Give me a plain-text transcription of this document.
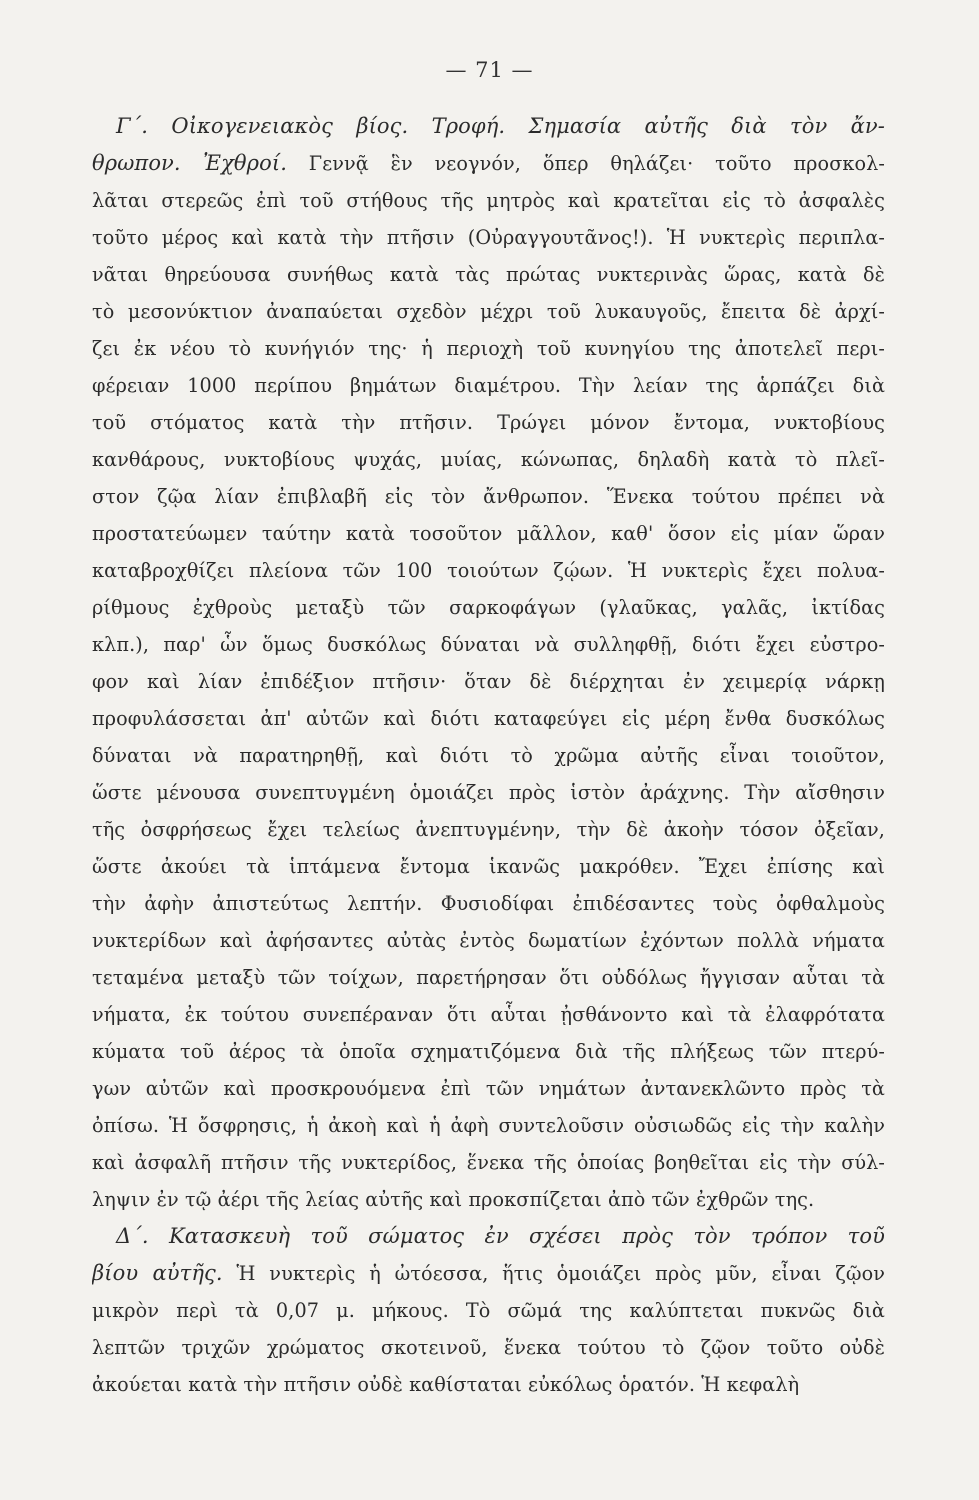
— 71 —
Γ΄. Οἰκογενειακὸς βίος. Τροφή. Σημασία αὐτῆς διὰ τὸν ἄν-
θρωπον. Ἐχθροί. Γεννᾷ ἓν νεογνόν, ὅπερ θηλάζει· τοῦτο προσκολ-
λᾶται στερεῶς ἐπὶ τοῦ στήθους τῆς μητρὸς καὶ κρατεῖται εἰς τὸ ἀσφαλὲς
τοῦτο μέρος καὶ κατὰ τὴν πτῆσιν (Οὐραγγουτᾶνος!). Ἡ νυκτερὶς περιπλα-
νᾶται θηρεύουσα συνήθως κατὰ τὰς πρώτας νυκτερινὰς ὥρας, κατὰ δὲ
τὸ μεσονύκτιον ἀναπαύεται σχεδὸν μέχρι τοῦ λυκαυγοῦς, ἔπειτα δὲ ἀρχί-
ζει ἐκ νέου τὸ κυνήγιόν της· ἡ περιοχὴ τοῦ κυνηγίου της ἀποτελεῖ περι-
φέρειαν 1000 περίπου βημάτων διαμέτρου. Τὴν λείαν της ἁρπάζει διὰ
τοῦ στόματος κατὰ τὴν πτῆσιν. Τρώγει μόνον ἔντομα, νυκτοβίους
κανθάρους, νυκτοβίους ψυχάς, μυίας, κώνωπας, δηλαδὴ κατὰ τὸ πλεῖ-
στον ζῷα λίαν ἐπιβλαβῆ εἰς τὸν ἄνθρωπον. Ἕνεκα τούτου πρέπει νὰ
προστατεύωμεν ταύτην κατὰ τοσοῦτον μᾶλλον, καθ' ὅσον εἰς μίαν ὥραν
καταβροχθίζει πλείονα τῶν 100 τοιούτων ζῴων. Ἡ νυκτερὶς ἔχει πολυα-
ρίθμους ἐχθροὺς μεταξὺ τῶν σαρκοφάγων (γλαῦκας, γαλᾶς, ἰκτίδας
κλπ.), παρ' ὧν ὅμως δυσκόλως δύναται νὰ συλληφθῇ, διότι ἔχει εὐστρο-
φον καὶ λίαν ἐπιδέξιον πτῆσιν· ὅταν δὲ διέρχηται ἐν χειμερίᾳ νάρκῃ
προφυλάσσεται ἀπ' αὐτῶν καὶ διότι καταφεύγει εἰς μέρη ἔνθα δυσκόλως
δύναται νὰ παρατηρηθῇ, καὶ διότι τὸ χρῶμα αὐτῆς εἶναι τοιοῦτον,
ὥστε μένουσα συνεπτυγμένη ὁμοιάζει πρὸς ἱστὸν ἀράχνης. Τὴν αἴσθησιν
τῆς ὀσφρήσεως ἔχει τελείως ἀνεπτυγμένην, τὴν δὲ ἀκοὴν τόσον ὀξεῖαν,
ὥστε ἀκούει τὰ ἱπτάμενα ἔντομα ἱκανῶς μακρόθεν. Ἔχει ἐπίσης καὶ
τὴν ἀφὴν ἀπιστεύτως λεπτήν. Φυσιοδίφαι ἐπιδέσαντες τοὺς ὀφθαλμοὺς
νυκτερίδων καὶ ἀφήσαντες αὐτὰς ἐντὸς δωματίων ἐχόντων πολλὰ νήματα
τεταμένα μεταξὺ τῶν τοίχων, παρετήρησαν ὅτι οὐδόλως ἤγγισαν αὗται τὰ
νήματα, ἐκ τούτου συνεπέραναν ὅτι αὗται ᾐσθάνοντο καὶ τὰ ἐλαφρότατα
κύματα τοῦ ἀέρος τὰ ὁποῖα σχηματιζόμενα διὰ τῆς πλήξεως τῶν πτερύ-
γων αὐτῶν καὶ προσκρουόμενα ἐπὶ τῶν νημάτων ἀντανεκλῶντο πρὸς τὰ
ὀπίσω. Ἡ ὄσφρησις, ἡ ἀκοὴ καὶ ἡ ἀφὴ συντελοῦσιν οὐσιωδῶς εἰς τὴν καλὴν
καὶ ἀσφαλῆ πτῆσιν τῆς νυκτερίδος, ἕνεκα τῆς ὁποίας βοηθεῖται εἰς τὴν σύλ-
ληψιν ἐν τῷ ἀέρι τῆς λείας αὐτῆς καὶ προκσπίζεται ἀπὸ τῶν ἐχθρῶν της.
Δ΄. Κατασκευὴ τοῦ σώματος ἐν σχέσει πρὸς τὸν τρόπον τοῦ
βίου αὐτῆς. Ἡ νυκτερὶς ἡ ὠτόεσσα, ἥτις ὁμοιάζει πρὸς μῦν, εἶναι ζῷον
μικρὸν περὶ τὰ 0,07 μ. μήκους. Τὸ σῶμά της καλύπτεται πυκνῶς διὰ
λεπτῶν τριχῶν χρώματος σκοτεινοῦ, ἕνεκα τούτου τὸ ζῷον τοῦτο οὐδὲ
ἀκούεται κατὰ τὴν πτῆσιν οὐδὲ καθίσταται εὐκόλως ὁρατόν. Ἡ κεφαλὴ
